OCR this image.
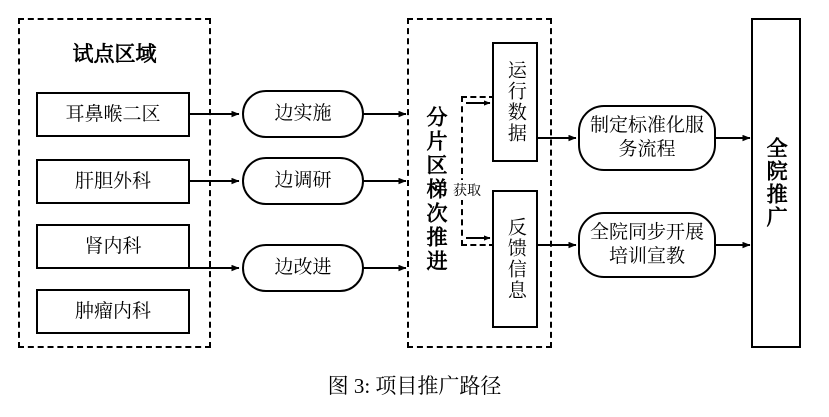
试点区域
耳鼻喉二区
肝胆外科
肾内科
肿瘤内科
边实施
边调研
边改进	分片区梯次推进 获取
运行数据
反馈信息
制定标准化服务流程
全院同步开展培训宣教
全院推广
图 3: 项目推广路径
